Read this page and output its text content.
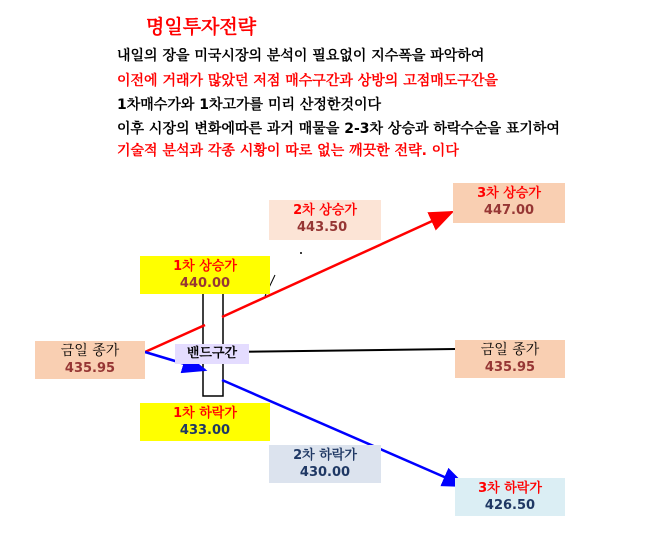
명일투자전략
내일의 장을 미국시장의 분석이 필요없이 지수폭을 파악하여
이전에 거래가 많았던 저점 매수구간과 상방의 고점매도구간을
1차매수가와 1차고가를 미리 산정한것이다
이후 시장의 변화에따른 과거 매물을 2-3차 상승과 하락수순을 표기하여
기술적 분석과 각종 시황이 따로 없는 깨끗한 전략. 이다
금일 종가
435.95
밴드구간
1차 상승가
440.00
2차 상승가
443.50
3차 상승가
447.00
금일 종가
435.95
1차 하락가
433.00
2차 하락가
430.00
3차 하락가
426.50
